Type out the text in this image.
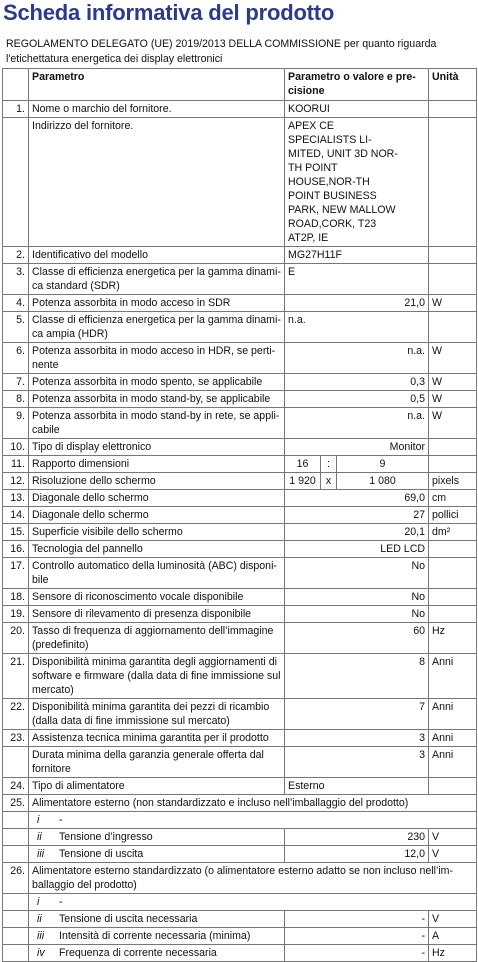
Scheda informativa del prodotto
REGOLAMENTO DELEGATO (UE) 2019/2013 DELLA COMMISSIONE per quanto riguarda l'etichettatura energetica dei display elettronici
	Parametro	Parametro o valore e pre-cisione			Unità
1.	Nome o marchio del fornitore.	KOORUI			
	Indirizzo del fornitore.	APEX CE SPECIALISTS LI-MITED, UNIT 3D NOR-TH POINT HOUSE,NOR-TH POINT BUSINESS PARK, NEW MALLOW ROAD,CORK, T23 AT2P, IE			
2.	Identificativo del modello	MG27H11F			
3.	Classe di efficienza energetica per la gamma dinami-ca standard (SDR)	E			
4.	Potenza assorbita in modo acceso in SDR	21,0			W
5.	Classe di efficienza energetica per la gamma dinami-ca ampia (HDR)	n.a.			
6.	Potenza assorbita in modo acceso in HDR, se perti-nente	n.a.			W
7.	Potenza assorbita in modo spento, se applicabile	0,3			W
8.	Potenza assorbita in modo stand-by, se applicabile	0,5			W
9.	Potenza assorbita in modo stand-by in rete, se appli-cabile	n.a.			W
10.	Tipo di display elettronico	Monitor			
11.	Rapporto dimensioni	16	:	9	
12.	Risoluzione dello schermo	1 920	x	1 080	pixels
13.	Diagonale dello schermo	69,0			cm
14.	Diagonale dello schermo	27			pollici
15.	Superficie visibile dello schermo	20,1			dm²
16.	Tecnologia del pannello	LED LCD			
17.	Controllo automatico della luminosità (ABC) disponi-bile	No			
18.	Sensore di riconoscimento vocale disponibile	No			
19.	Sensore di rilevamento di presenza disponibile	No			
20.	Tasso di frequenza di aggiornamento dell’immagine (predefinito)	60			Hz
21.	Disponibilità minima garantita degli aggiornamenti di software e firmware (dalla data di fine immissione sul mercato)	8			Anni
22.	Disponibilità minima garantita dei pezzi di ricambio (dalla data di fine immissione sul mercato)	7			Anni
23.	Assistenza tecnica minima garantita per il prodotto	3			Anni
	Durata minima della garanzia generale offerta dal fornitore	3			Anni
24.	Tipo di alimentatore	Esterno			
25.	Alimentatore esterno (non standardizzato e incluso nell’imballaggio del prodotto)				
	i -				
	ii Tensione d’ingresso	230			V
	iii Tensione di uscita	12,0			V
26.	Alimentatore esterno standardizzato (o alimentatore esterno adatto se non incluso nell’im-ballaggio del prodotto)				
	i -				
	ii Tensione di uscita necessaria	-			V
	iii Intensità di corrente necessaria (minima)	-			A
	iv Frequenza di corrente necessaria	-			Hz
